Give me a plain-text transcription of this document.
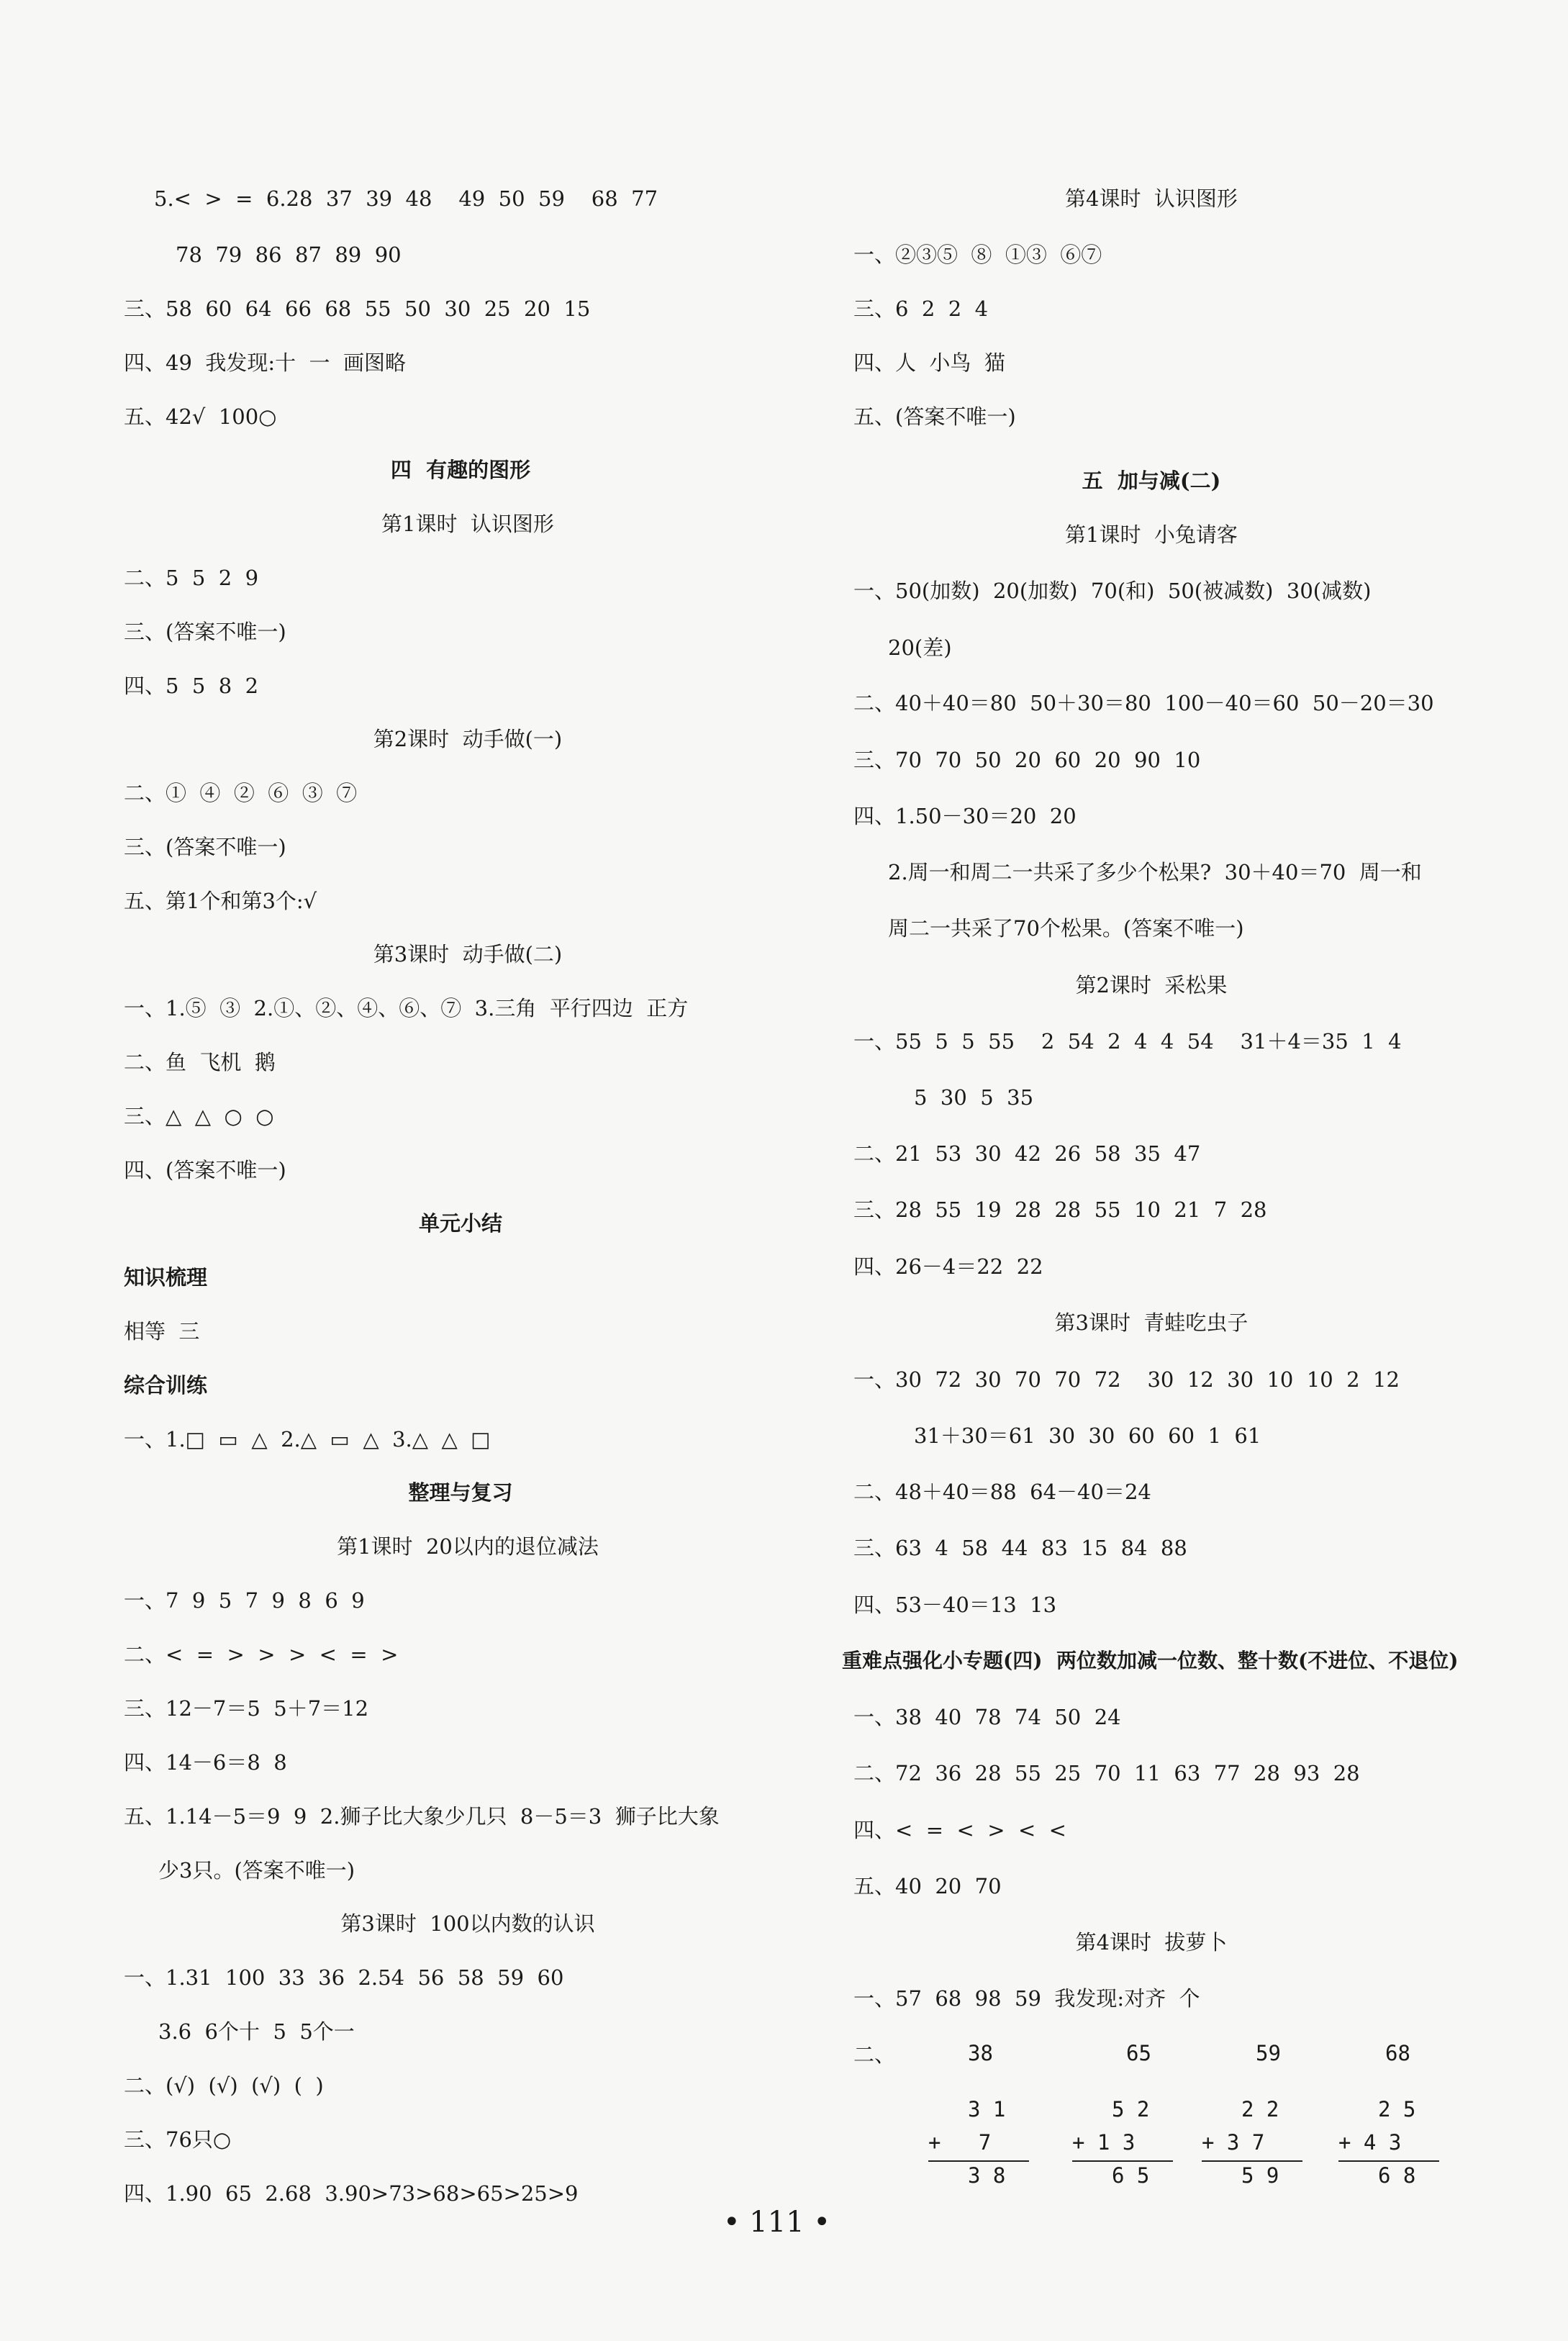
5.<  >  =  6.28  37  39  48    49  50  59    68  77
78  79  86  87  89  90
三、58  60  64  66  68  55  50  30  25  20  15
四、49  我发现:十  一  画图略
五、42√  100○
四  有趣的图形
第1课时  认识图形
二、5  5  2  9
三、(答案不唯一)
四、5  5  8  2
第2课时  动手做(一)
二、①  ④  ②  ⑥  ③  ⑦
三、(答案不唯一)
五、第1个和第3个:√
第3课时  动手做(二)
一、1.⑤  ③  2.①、②、④、⑥、⑦  3.三角  平行四边  正方
二、鱼  飞机  鹅
三、△  △  ○  ○
四、(答案不唯一)
单元小结
知识梳理
相等  三
综合训练
一、1.□  ▭  △  2.△  ▭  △  3.△  △  □
整理与复习
第1课时  20以内的退位减法
一、7  9  5  7  9  8  6  9
二、<  =  >  >  >  <  =  >
三、12－7＝5  5＋7＝12
四、14－6＝8  8
五、1.14－5＝9  9  2.狮子比大象少几只  8－5＝3  狮子比大象
少3只。(答案不唯一)
第3课时  100以内数的认识
一、1.31  100  33  36  2.54  56  58  59  60
3.6  6个十  5  5个一
二、(√)  (√)  (√)  (  )
三、76只○
四、1.90  65  2.68  3.90>73>68>65>25>9
第4课时  认识图形
一、②③⑤  ⑧  ①③  ⑥⑦
三、6  2  2  4
四、人  小鸟  猫
五、(答案不唯一)
五  加与减(二)
第1课时  小兔请客
一、50(加数)  20(加数)  70(和)  50(被减数)  30(减数)
20(差)
二、40＋40＝80  50＋30＝80  100－40＝60  50－20＝30
三、70  70  50  20  60  20  90  10
四、1.50－30＝20  20
2.周一和周二一共采了多少个松果?  30＋40＝70  周一和
周二一共采了70个松果。(答案不唯一)
第2课时  采松果
一、55  5  5  55    2  54  2  4  4  54    31＋4＝35  1  4
5  30  5  35
二、21  53  30  42  26  58  35  47
三、28  55  19  28  28  55  10  21  7  28
四、26－4＝22  22
第3课时  青蛙吃虫子
一、30  72  30  70  70  72    30  12  30  10  10  2  12
31＋30＝61  30  30  60  60  1  61
二、48＋40＝88  64－40＝24
三、63  4  58  44  83  15  84  88
四、53－40＝13  13
重难点强化小专题(四)  两位数加减一位数、整十数(不进位、不退位)
一、38  40  78  74  50  24
二、72  36  28  55  25  70  11  63  77  28  93  28
四、<  =  <  >  <  <
五、40  20  70
第4课时  拔萝卜
一、57  68  98  59  我发现:对齐  个
二、	38
3 1
+   7
3 8
65
5 2
+ 1 3
6 5
59
2 2
+ 3 7
5 9
68
2 5
+ 4 3
6 8
• 111 •
